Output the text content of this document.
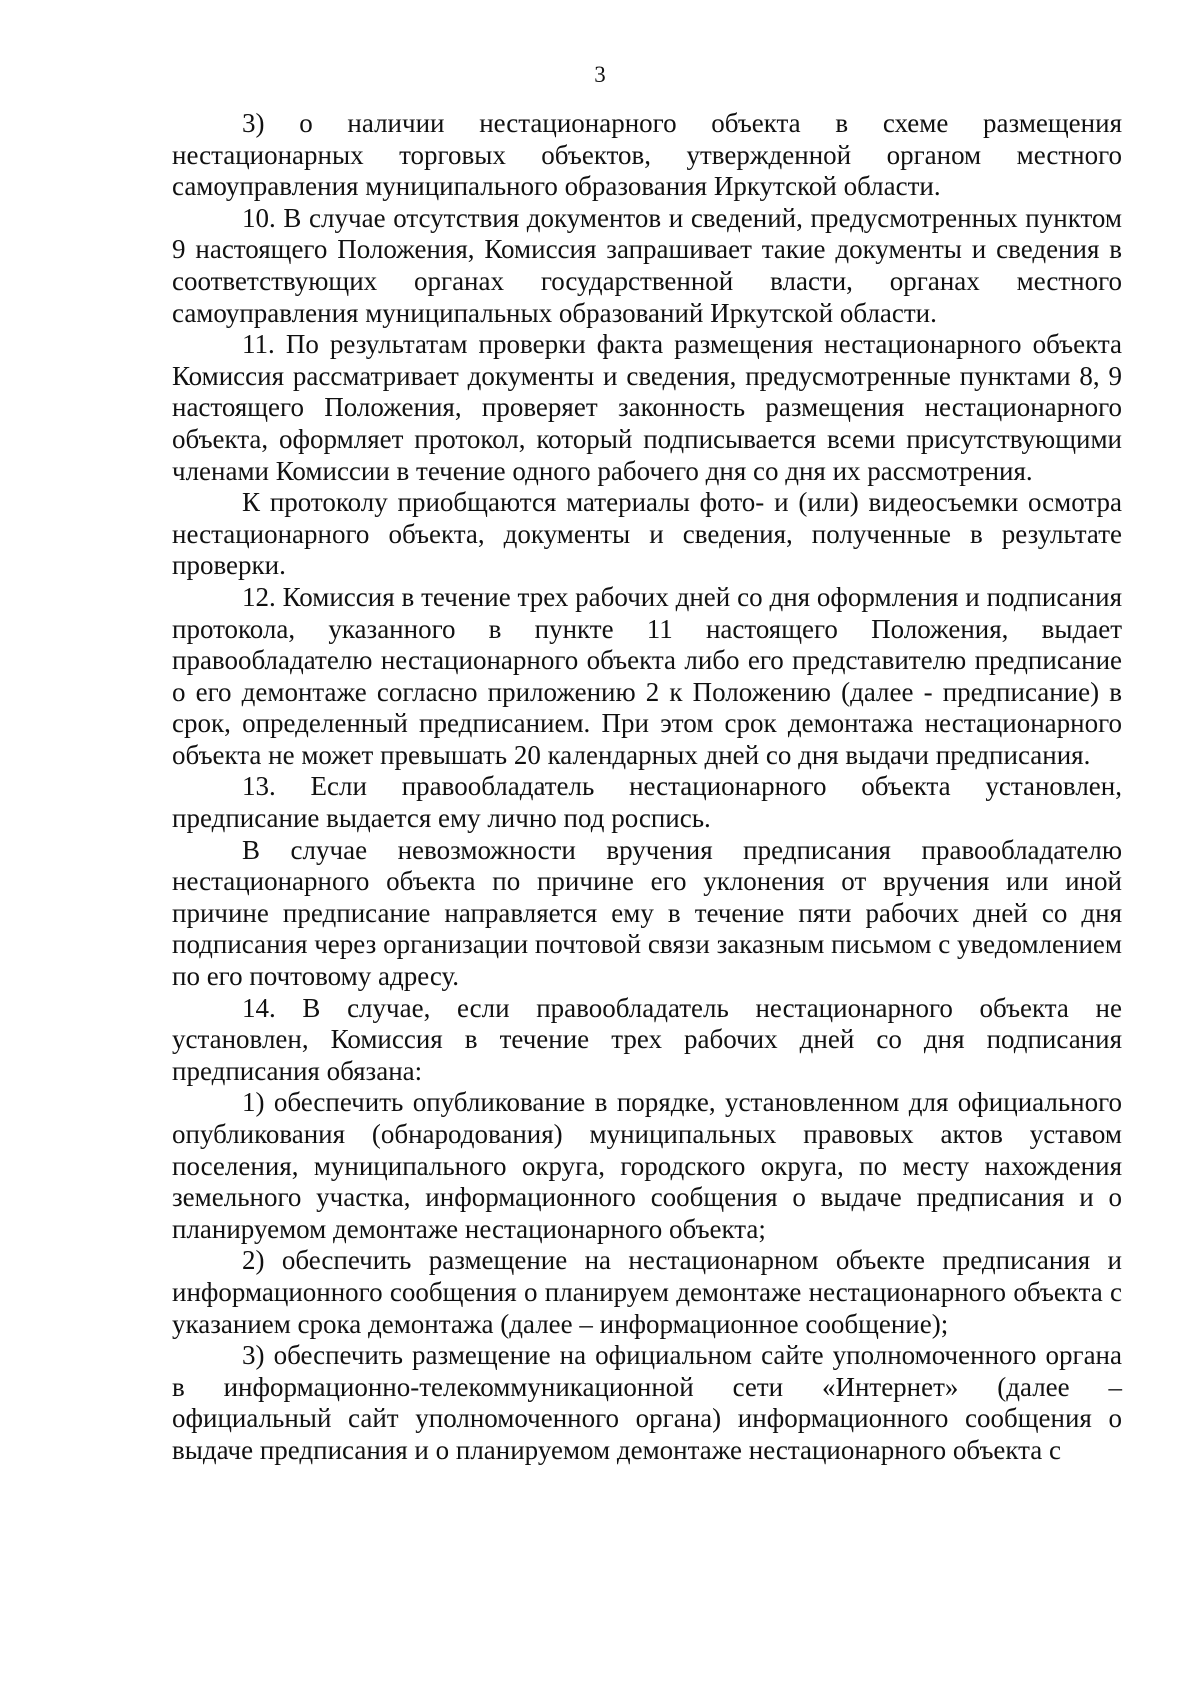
3

3) о наличии нестационарного объекта в схеме размещения нестационарных торговых объектов, утвержденной органом местного самоуправления муниципального образования Иркутской области.

10. В случае отсутствия документов и сведений, предусмотренных пунктом 9 настоящего Положения, Комиссия запрашивает такие документы и сведения в соответствующих органах государственной власти, органах местного самоуправления муниципальных образований Иркутской области.

11. По результатам проверки факта размещения нестационарного объекта Комиссия рассматривает документы и сведения, предусмотренные пунктами 8, 9 настоящего Положения, проверяет законность размещения нестационарного объекта, оформляет протокол, который подписывается всеми присутствующими членами Комиссии в течение одного рабочего дня со дня их рассмотрения.

К протоколу приобщаются материалы фото- и (или) видеосъемки осмотра нестационарного объекта, документы и сведения, полученные в результате проверки.

12. Комиссия в течение трех рабочих дней со дня оформления и подписания протокола, указанного в пункте 11 настоящего Положения, выдает правообладателю нестационарного объекта либо его представителю предписание о его демонтаже согласно приложению 2 к Положению (далее - предписание) в срок, определенный предписанием. При этом срок демонтажа нестационарного объекта не может превышать 20 календарных дней со дня выдачи предписания.

13. Если правообладатель нестационарного объекта установлен, предписание выдается ему лично под роспись.

В случае невозможности вручения предписания правообладателю нестационарного объекта по причине его уклонения от вручения или иной причине предписание направляется ему в течение пяти рабочих дней со дня подписания через организации почтовой связи заказным письмом с уведомлением по его почтовому адресу.

14. В случае, если правообладатель нестационарного объекта не установлен, Комиссия в течение трех рабочих дней со дня подписания предписания обязана:

1) обеспечить опубликование в порядке, установленном для официального опубликования (обнародования) муниципальных правовых актов уставом поселения, муниципального округа, городского округа, по месту нахождения земельного участка, информационного сообщения о выдаче предписания и о планируемом демонтаже нестационарного объекта;

2) обеспечить размещение на нестационарном объекте предписания и информационного сообщения о планируем демонтаже нестационарного объекта с указанием срока демонтажа (далее – информационное сообщение);

3) обеспечить размещение на официальном сайте уполномоченного органа в информационно-телекоммуникационной сети «Интернет» (далее – официальный сайт уполномоченного органа) информационного сообщения о выдаче предписания и о планируемом демонтаже нестационарного объекта с
